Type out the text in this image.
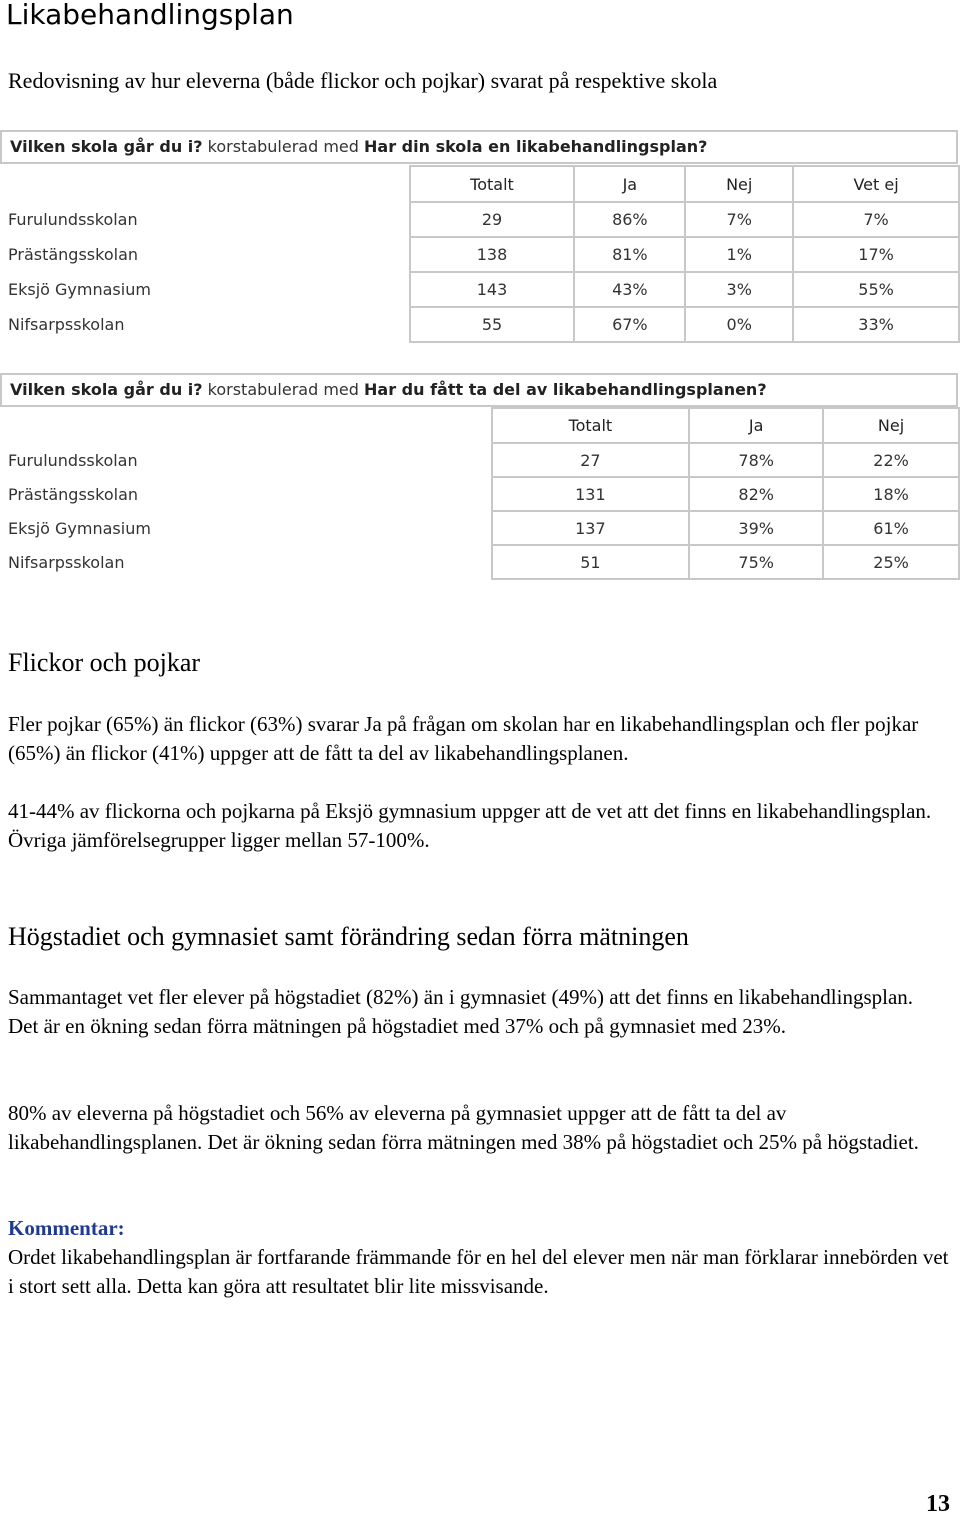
Likabehandlingsplan
Redovisning av hur eleverna (både flickor och pojkar) svarat på respektive skola
Vilken skola går du i? korstabulerad med Har din skola en likabehandlingsplan?
	Totalt	Ja	Nej	Vet ej
Furulundsskolan	29	86%	7%	7%
Prästängsskolan	138	81%	1%	17%
Eksjö Gymnasium	143	43%	3%	55%
Nifsarpsskolan	55	67%	0%	33%
Vilken skola går du i? korstabulerad med Har du fått ta del av likabehandlingsplanen?
	Totalt	Ja	Nej
Furulundsskolan	27	78%	22%
Prästängsskolan	131	82%	18%
Eksjö Gymnasium	137	39%	61%
Nifsarpsskolan	51	75%	25%
Flickor och pojkar

Fler pojkar (65%) än flickor (63%) svarar Ja på frågan om skolan har en likabehandlingsplan och fler pojkar (65%) än flickor (41%) uppger att de fått ta del av likabehandlingsplanen.

41-44% av flickorna och pojkarna på Eksjö gymnasium uppger att de vet att det finns en likabehandlingsplan. Övriga jämförelsegrupper ligger mellan 57-100%.

Högstadiet och gymnasiet samt förändring sedan förra mätningen

Sammantaget vet fler elever på högstadiet (82%) än i gymnasiet (49%) att det finns en likabehandlingsplan.

Det är en ökning sedan förra mätningen på högstadiet med 37% och på gymnasiet med 23%.

80% av eleverna på högstadiet och 56% av eleverna på gymnasiet uppger att de fått ta del av likabehandlingsplanen. Det är ökning sedan förra mätningen med 38% på högstadiet och 25% på högstadiet.

Kommentar:

Ordet likabehandlingsplan är fortfarande främmande för en hel del elever men när man förklarar innebörden vet i stort sett alla. Detta kan göra att resultatet blir lite missvisande.

13
